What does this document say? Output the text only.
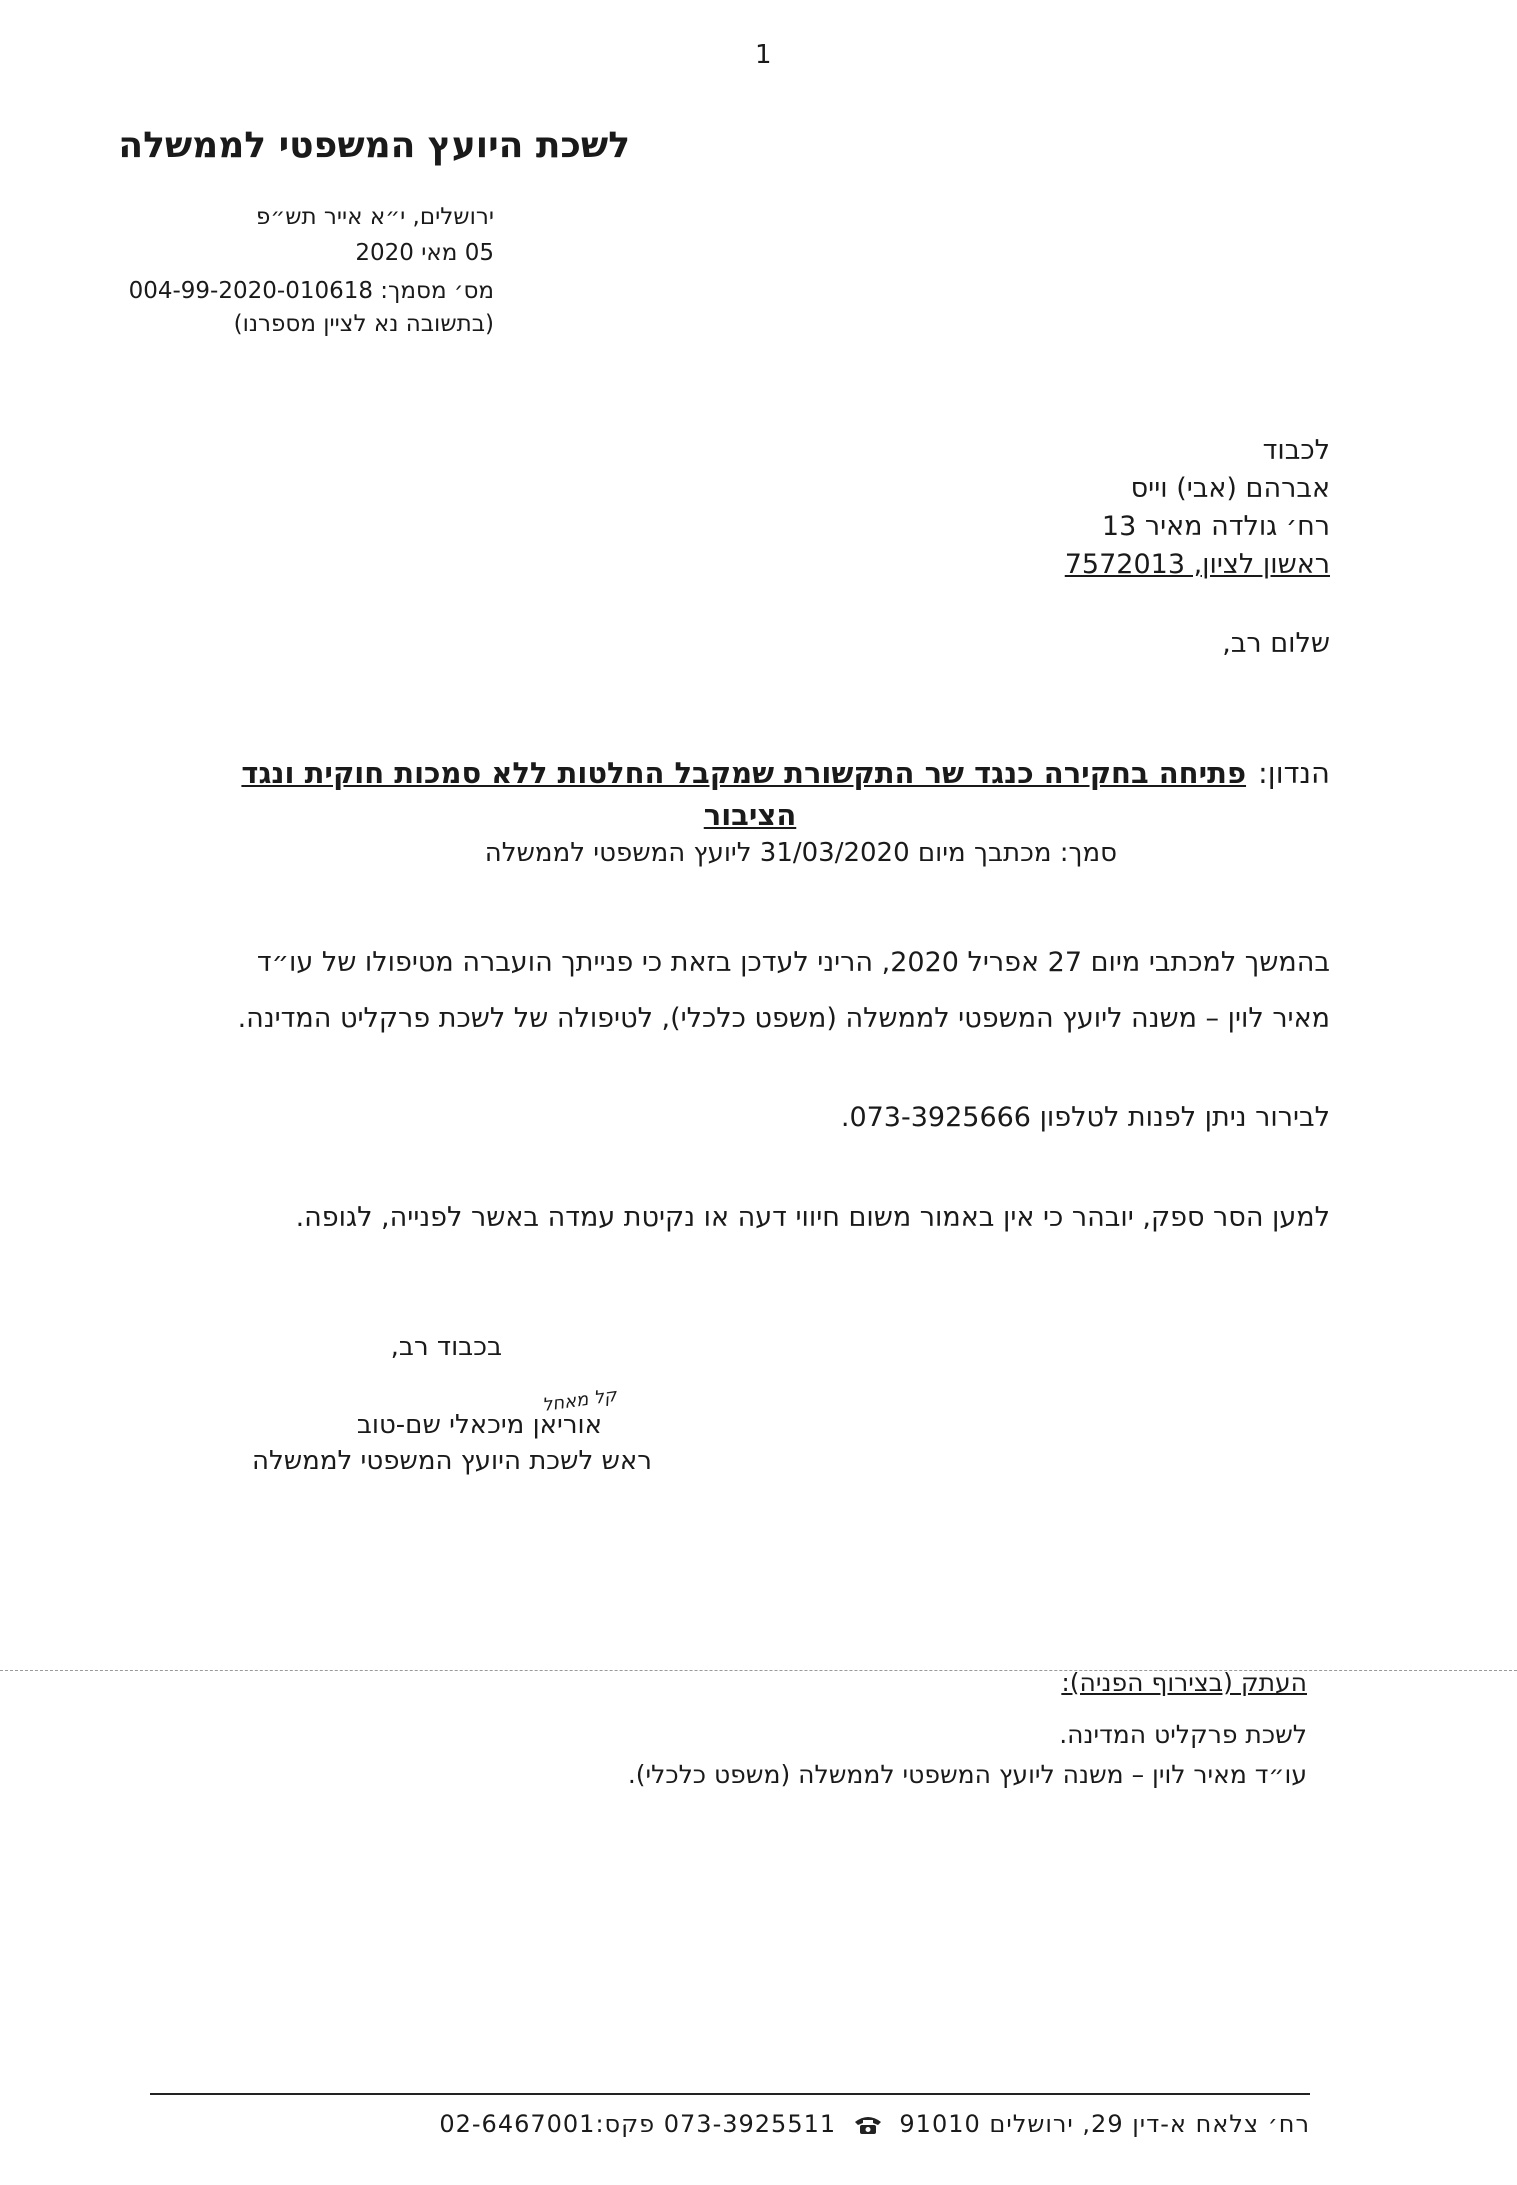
1
לשכת היועץ המשפטי לממשלה
ירושלים, י״א אייר תש״פ
05 מאי 2020
מס׳ מסמך: 004-99-2020-010618
(בתשובה נא לציין מספרנו)
לכבוד
אברהם (אבי) וייס
רח׳ גולדה מאיר 13
ראשון לציון, 7572013
שלום רב,
הנדון:פתיחה בחקירה כנגד שר התקשורת שמקבל החלטות ללא סמכות חוקית ונגד
הציבור
סמך: מכתבך מיום 31/03/2020 ליועץ המשפטי לממשלה
בהמשך למכתבי מיום 27 אפריל 2020, הריני לעדכן בזאת כי פנייתך הועברה מטיפולו של עו״ד מאיר לוין – משנה ליועץ המשפטי לממשלה (משפט כלכלי), לטיפולה של לשכת פרקליט המדינה.
לבירור ניתן לפנות לטלפון 073-3925666.
למען הסר ספק, יובהר כי אין באמור משום חיווי דעה או נקיטת עמדה באשר לפנייה, לגופה.
בכבוד רב,
קל מאחל
אוריאן מיכאלי שם-טוב
ראש לשכת היועץ המשפטי לממשלה
העתק (בצירוף הפניה):
לשכת פרקליט המדינה.
עו״ד מאיר לוין – משנה ליועץ המשפטי לממשלה (משפט כלכלי).
רח׳ צלאח א-דין 29, ירושלים 91010  073-3925511 פקס:02-6467001
